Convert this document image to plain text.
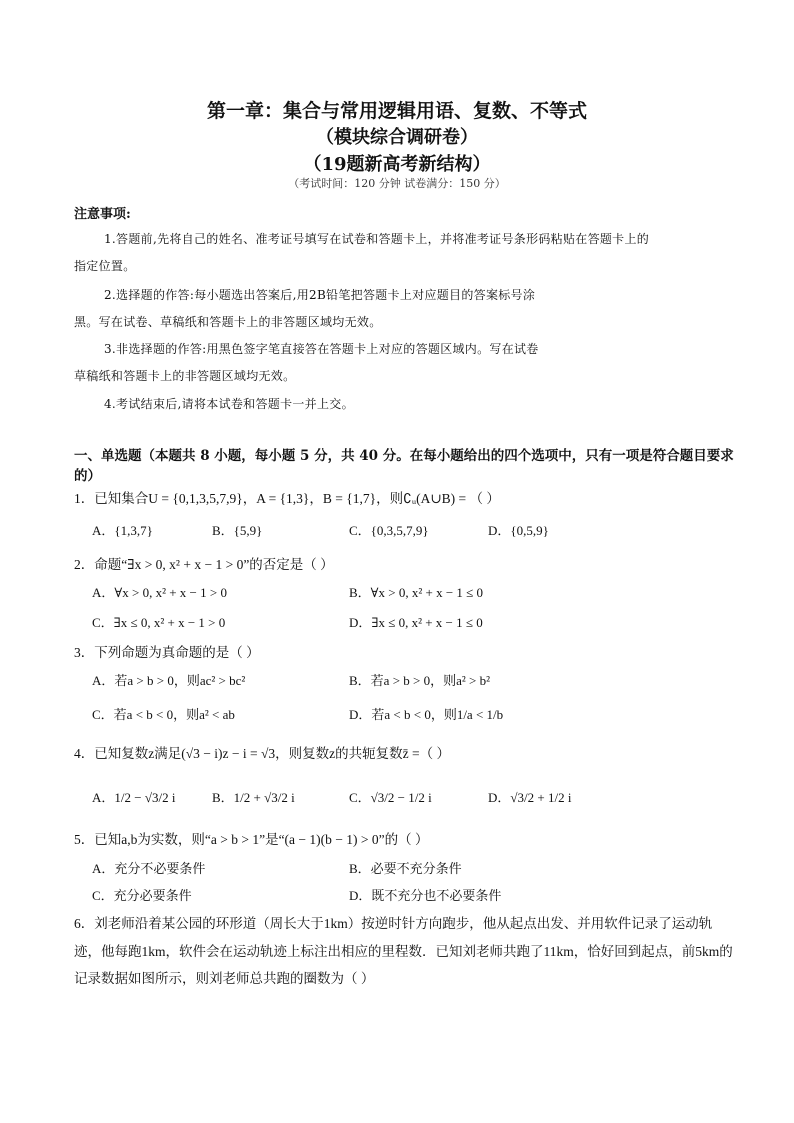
第一章：集合与常用逻辑用语、复数、不等式
（模块综合调研卷）
（19题新高考新结构）
（考试时间：120 分钟 试卷满分：150 分）
注意事项:
1.答题前,先将自己的姓名、准考证号填写在试卷和答题卡上，并将准考证号条形码粘贴在答题卡上的
指定位置。
2.选择题的作答:每小题选出答案后,用2B铅笔把答题卡上对应题目的答案标号涂
黑。写在试卷、草稿纸和答题卡上的非答题区域均无效。
3.非选择题的作答:用黑色签字笔直接答在答题卡上对应的答题区域内。写在试卷
草稿纸和答题卡上的非答题区域均无效。
4.考试结束后,请将本试卷和答题卡一并上交。
一、单选题（本题共 8 小题，每小题 5 分，共 40 分。在每小题给出的四个选项中，只有一项是符合题目要求的）
1．已知集合U = {0,1,3,5,7,9}，A = {1,3}，B = {1,7}，则∁ᵤ(A∪B) = （ ）
A．{1,3,7}	B．{5,9}	C．{0,3,5,7,9}	D．{0,5,9}
2．命题“∃x > 0, x² + x − 1 > 0”的否定是（ ）
A．∀x > 0, x² + x − 1 > 0	B．∀x > 0, x² + x − 1 ≤ 0
C．∃x ≤ 0, x² + x − 1 > 0	D．∃x ≤ 0, x² + x − 1 ≤ 0
3．下列命题为真命题的是（ ）
A．若a > b > 0，则ac² > bc²	B．若a > b > 0，则a² > b²
C．若a < b < 0，则a² < ab	D．若a < b < 0，则1/a < 1/b
4．已知复数z满足(√3 − i)z − i = √3，则复数z的共轭复数z̄ =（ ）
A．1/2 − √3/2 i	B．1/2 + √3/2 i	C．√3/2 − 1/2 i	D．√3/2 + 1/2 i
5．已知a,b为实数，则“a > b > 1”是“(a − 1)(b − 1) > 0”的（ ）
A．充分不必要条件	B．必要不充分条件
C．充分必要条件	D．既不充分也不必要条件
6．刘老师沿着某公园的环形道（周长大于1km）按逆时针方向跑步，他从起点出发、并用软件记录了运动轨迹，他每跑1km，软件会在运动轨迹上标注出相应的里程数．已知刘老师共跑了11km，恰好回到起点，前5km的记录数据如图所示，则刘老师总共跑的圈数为（ ）
